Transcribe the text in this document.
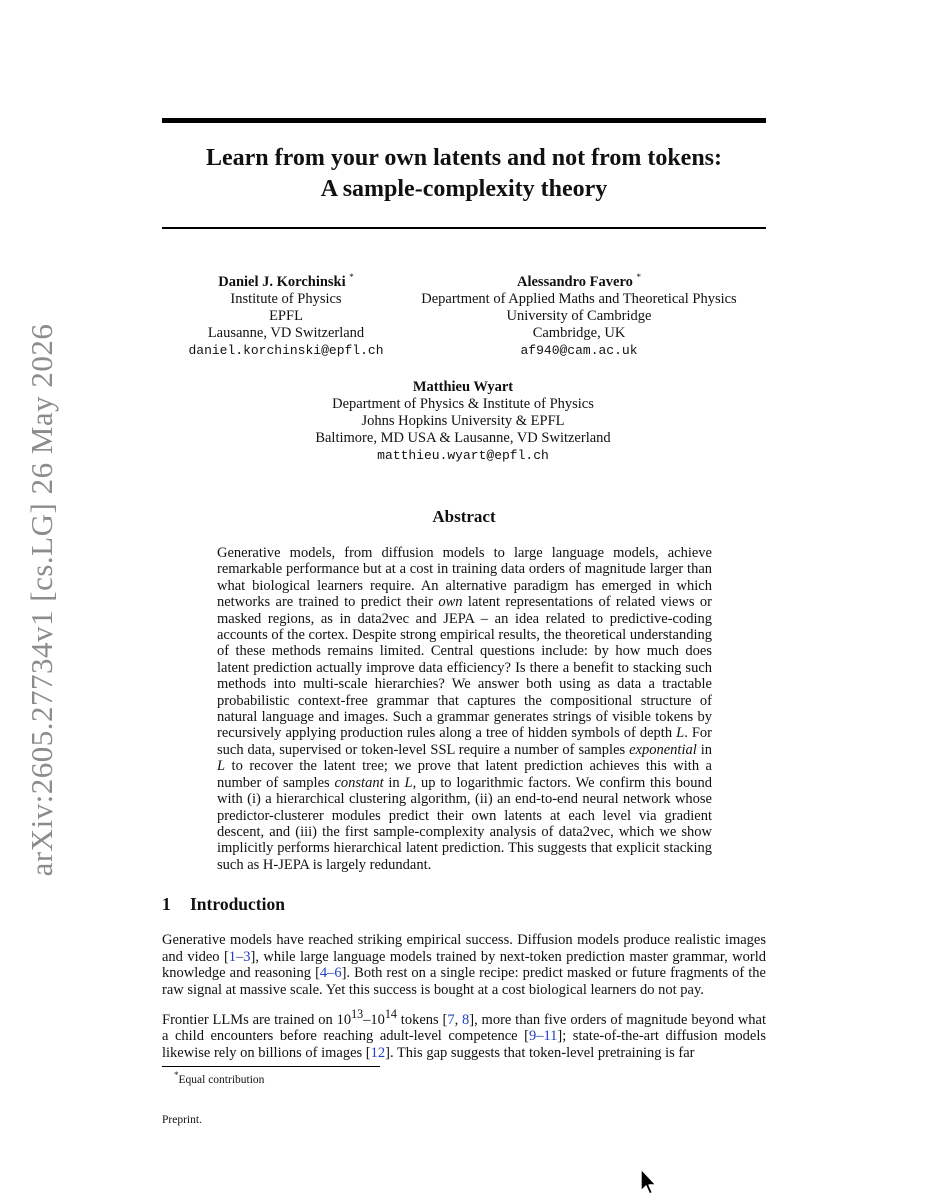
arXiv:2605.27734v1 [cs.LG] 26 May 2026
Learn from your own latents and not from tokens:
A sample-complexity theory
Daniel J. Korchinski *
Institute of Physics
EPFL
Lausanne, VD Switzerland
daniel.korchinski@epfl.ch
Alessandro Favero *
Department of Applied Maths and Theoretical Physics
University of Cambridge
Cambridge, UK
af940@cam.ac.uk
Matthieu Wyart
Department of Physics & Institute of Physics
Johns Hopkins University & EPFL
Baltimore, MD USA & Lausanne, VD Switzerland
matthieu.wyart@epfl.ch
Abstract
Generative models, from diffusion models to large language models, achieve remarkable performance but at a cost in training data orders of magnitude larger than what biological learners require. An alternative paradigm has emerged in which networks are trained to predict their own latent representations of related views or masked regions, as in data2vec and JEPA – an idea related to predictive-coding accounts of the cortex. Despite strong empirical results, the theoretical understanding of these methods remains limited. Central questions include: by how much does latent prediction actually improve data efficiency? Is there a benefit to stacking such methods into multi-scale hierarchies? We answer both using as data a tractable probabilistic context-free grammar that captures the compositional structure of natural language and images. Such a grammar generates strings of visible tokens by recursively applying production rules along a tree of hidden symbols of depth L. For such data, supervised or token-level SSL require a number of samples exponential in L to recover the latent tree; we prove that latent prediction achieves this with a number of samples constant in L, up to logarithmic factors. We confirm this bound with (i) a hierarchical clustering algorithm, (ii) an end-to-end neural network whose predictor-clusterer modules predict their own latents at each level via gradient descent, and (iii) the first sample-complexity analysis of data2vec, which we show implicitly performs hierarchical latent prediction. This suggests that explicit stacking such as H-JEPA is largely redundant.
1 Introduction
Generative models have reached striking empirical success. Diffusion models produce realistic images and video [1–3], while large language models trained by next-token prediction master grammar, world knowledge and reasoning [4–6]. Both rest on a single recipe: predict masked or future fragments of the raw signal at massive scale. Yet this success is bought at a cost biological learners do not pay.
Frontier LLMs are trained on $10^{13}-10^{14}$ tokens [7, 8], more than five orders of magnitude beyond what a child encounters before reaching adult-level competence [9–11]; state-of-the-art diffusion models likewise rely on billions of images [12]. This gap suggests that token-level pretraining is far
*Equal contribution
Preprint.
